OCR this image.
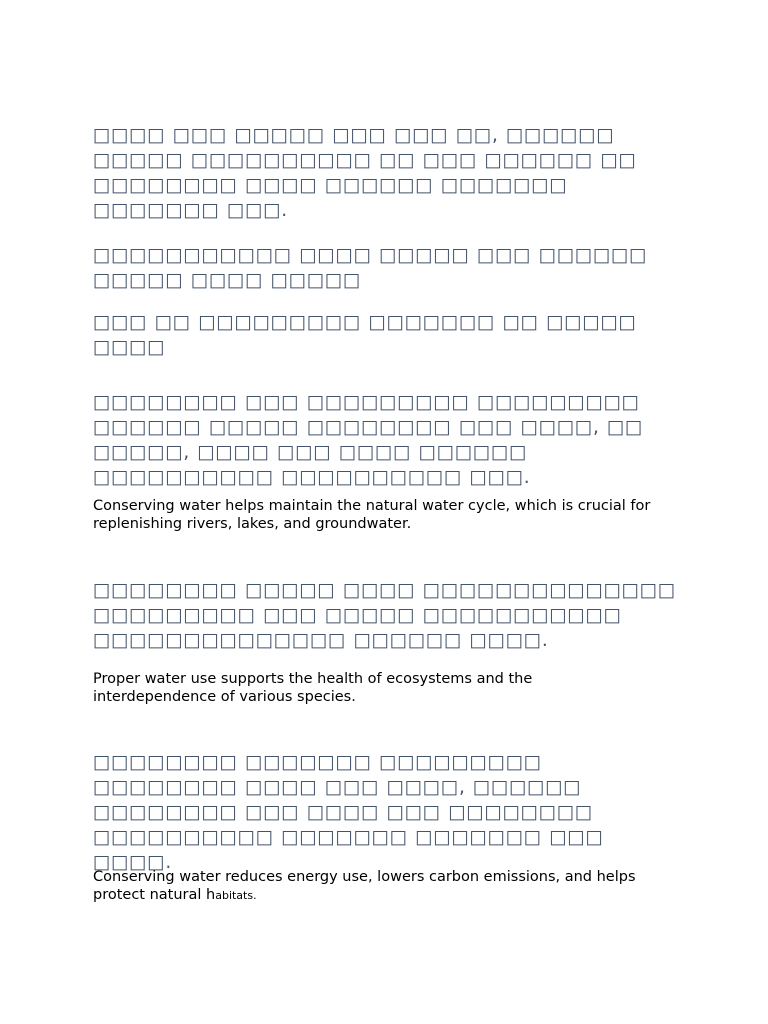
□□□□ □□□ □□□□□ □□□ □□□ □□, □□□□□□ □□□□□ □□□□□□□□□□ □□ □□□ □□□□□□ □□ □□□□□□□□ □□□□ □□□□□□ □□□□□□□ □□□□□□□ □□□.

□□□□□□□□□□□ □□□□ □□□□□ □□□ □□□□□□ □□□□□ □□□□ □□□□□

□□□ □□ □□□□□□□□□ □□□□□□□ □□ □□□□□ □□□□

□□□□□□□□ □□□ □□□□□□□□□ □□□□□□□□□ □□□□□□ □□□□□ □□□□□□□□ □□□ □□□□, □□ □□□□□, □□□□ □□□ □□□□ □□□□□□ □□□□□□□□□□ □□□□□□□□□□ □□□.

Conserving water helps maintain the natural water cycle, which is crucial for replenishing rivers, lakes, and groundwater.

□□□□□□□□ □□□□□ □□□□ □□□□□□□□□□□□□□ □□□□□□□□□ □□□ □□□□□ □□□□□□□□□□□ □□□□□□□□□□□□□□ □□□□□□ □□□□.

Proper water use supports the health of ecosystems and the interdependence of various species.

□□□□□□□□ □□□□□□□ □□□□□□□□□ □□□□□□□□ □□□□ □□□ □□□□, □□□□□□ □□□□□□□□ □□□ □□□□ □□□ □□□□□□□□ □□□□□□□□□□ □□□□□□□ □□□□□□□ □□□ □□□□.

Conserving water reduces energy use, lowers carbon emissions, and helps protect natural habitats.
